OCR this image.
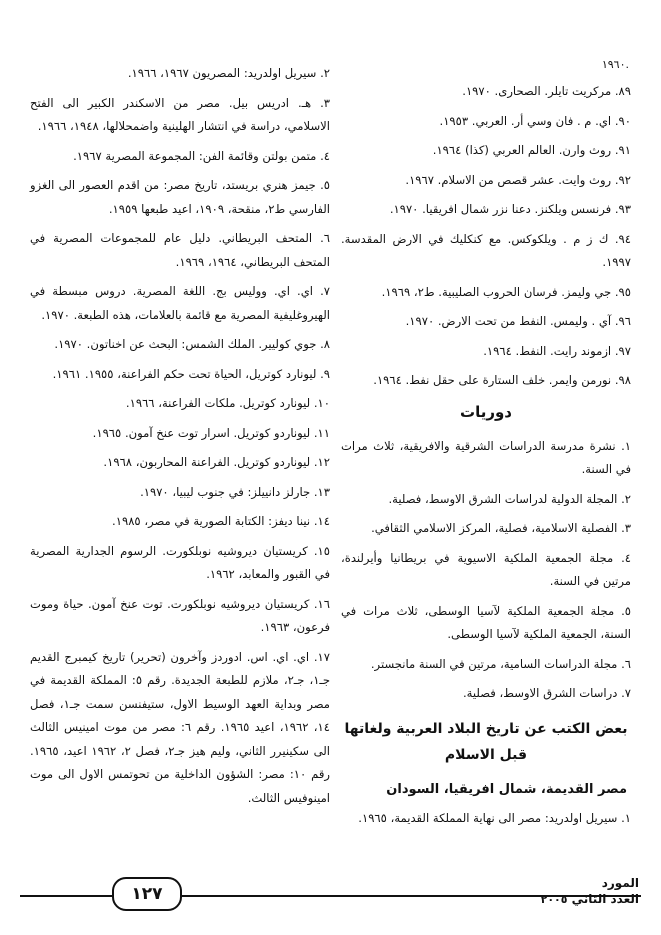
١٩٦٠.

٨٩. مركريت تايلر. الصحارى. ١٩٧٠.

٩٠. اي. م . فان وسي أر. العربي. ١٩٥٣.

٩١. روث وارن. العالم العربي (كذا) ١٩٦٤.

٩٢. روث وايت. عشر قصص من الاسلام. ١٩٦٧.

٩٣. فرنسس ويلكنز. دعنا نزر شمال افريقيا. ١٩٧٠.

٩٤. ك ز م . ويلكوكس. مع كنكليك في الارض المقدسة. ١٩٩٧.

٩٥. جي وليمز. فرسان الحروب الصليبية. ط٢، ١٩٦٩.

٩٦. آي . وليمس. النفط من تحت الارض. ١٩٧٠.

٩٧. ازموند رايت. النفط. ١٩٦٤.

٩٨. نورمن وايمر. خلف الستارة على حقل نفط. ١٩٦٤.

دوريات

١. نشرة مدرسة الدراسات الشرقية والافريقية، ثلاث مرات في السنة.

٢. المجلة الدولية لدراسات الشرق الاوسط، فصلية.

٣. الفصلية الاسلامية، فصلية، المركز الاسلامي الثقافي.

٤. مجلة الجمعية الملكية الاسيوية في بريطانيا وأيرلندة، مرتين في السنة.

٥. مجلة الجمعية الملكية لآسيا الوسطى، ثلاث مرات في السنة، الجمعية الملكية لآسيا الوسطى.

٦. مجلة الدراسات السامية، مرتين في السنة مانجستر.

٧. دراسات الشرق الاوسط، فصلية.

بعض الكتب عن تاريخ البلاد العربية ولغاتها قبل الاسلام
مصر القديمة، شمال افريقيا، السودان

١. سيريل اولدريد: مصر الى نهاية المملكة القديمة، ١٩٦٥.

٢. سيريل اولدريد: المصريون ١٩٦٧، ١٩٦٦.

٣. هـ. ادريس بيل. مصر من الاسكندر الكبير الى الفتح الاسلامي، دراسة في انتشار الهلينية واضمحلالها، ١٩٤٨، ١٩٦٦.

٤. متمن بولتن وقائمة الفن: المجموعة المصرية ١٩٦٧.

٥. جيمز هنري بريستد، تاريخ مصر: من اقدم العصور الى الغزو الفارسي ط٢، منقحة، ١٩٠٩، اعيد طبعها ١٩٥٩.

٦. المتحف البريطاني. دليل عام للمجموعات المصرية في المتحف البريطاني، ١٩٦٤، ١٩٦٩.

٧. اي. اي. ووليس بج. اللغة المصرية. دروس مبسطة في الهيروغليفية المصرية مع قائمة بالعلامات، هذه الطبعة. ١٩٧٠.

٨. جوي كوليير. الملك الشمس: البحث عن اخناتون. ١٩٧٠.

٩. ليونارد كوتريل، الحياة تحت حكم الفراعنة، ١٩٥٥. ١٩٦١.

١٠. ليونارد كوتريل. ملكات الفراعنة، ١٩٦٦.

١١. ليوناردو كوتريل. اسرار توت عنخ آمون. ١٩٦٥.

١٢. ليوناردو كوتريل. الفراعنة المحاربون، ١٩٦٨.

١٣. جارلز دانييلز: في جنوب ليبيا، ١٩٧٠.

١٤. نينا ديفز: الكتابة الصورية في مصر، ١٩٨٥.

١٥. كريستيان ديروشيه نوبلكورت. الرسوم الجدارية المصرية في القبور والمعابد، ١٩٦٢.

١٦. كريستيان ديروشيه نوبلكورت. توت عنخ آمون. حياة وموت فرعون، ١٩٦٣.

١٧. اي. اي. اس. ادوردز وآخرون (تحرير) تاريخ كيمبرج القديم جـ١، جـ٢، ملازم للطبعة الجديدة. رقم ٥: المملكة القديمة في مصر وبداية العهد الوسيط الاول، ستيفنسن سمت جـ١، فصل ١٤، ١٩٦٢، اعيد ١٩٦٥. رقم ٦: مصر من موت امينيس الثالث الى سكينيرر الثاني، وليم هيز جـ٢، فصل ٢، ١٩٦٢ اعيد، ١٩٦٥. رقم ١٠: مصر: الشؤون الداخلية من تحوتمس الاول الى موت امينوفيس الثالث.

١٢٧
المورد
العدد الثاني ٢٠٠٥
